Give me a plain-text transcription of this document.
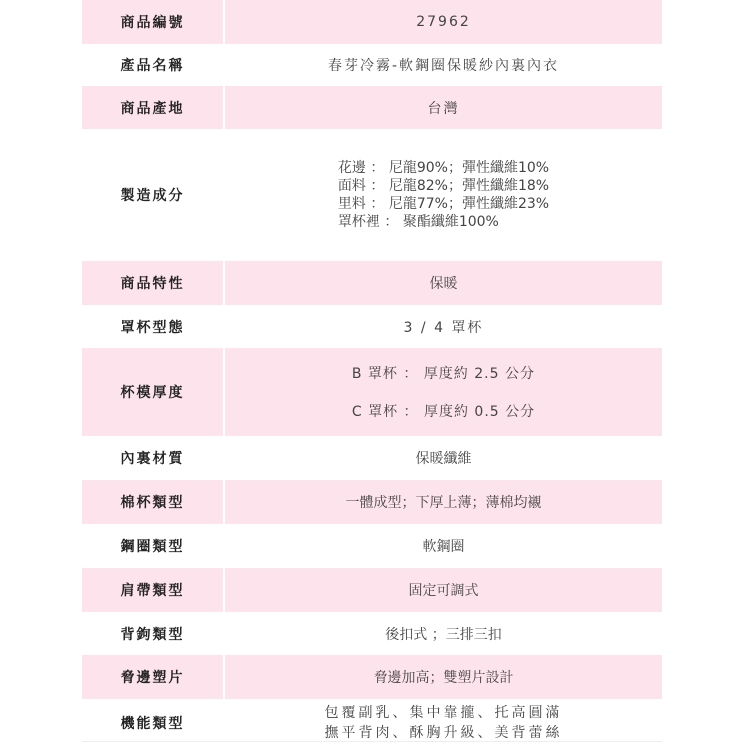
商品編號	27962
產品名稱	春芽冷霧-軟鋼圈保暖紗內裏內衣
商品產地	台灣
製造成分
花邊 ： 尼龍90%；彈性纖維10%
面料 ： 尼龍82%；彈性纖維18%
里料 ： 尼龍77%；彈性纖維23%
罩杯裡 ： 聚酯纖維100%
商品特性	保暖
罩杯型態	3 / 4 罩杯
杯模厚度
B 罩杯 ： 厚度約 2.5 公分
C 罩杯 ： 厚度約 0.5 公分
內裏材質	保暖纖維
棉杯類型	一體成型；下厚上薄；薄棉均襯
鋼圈類型	軟鋼圈
肩帶類型	固定可調式
背鉤類型	後扣式 ；三排三扣
脅邊塑片	脅邊加高；雙塑片設計
機能類型
包覆副乳、集中靠攏、托高圓滿
撫平背肉、酥胸升級、美背蕾絲
